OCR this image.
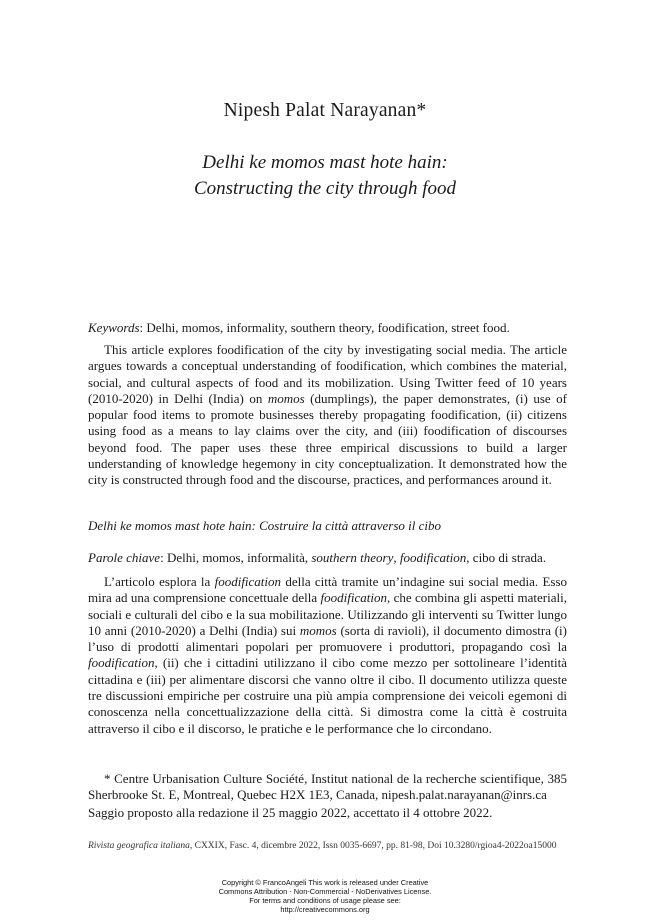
Nipesh Palat Narayanan*
Delhi ke momos mast hote hain:
Constructing the city through food
Keywords: Delhi, momos, informality, southern theory, foodification, street food.
This article explores foodification of the city by investigating social media. The article argues towards a conceptual understanding of foodification, which combines the material, social, and cultural aspects of food and its mobilization. Using Twitter feed of 10 years (2010-2020) in Delhi (India) on momos (dumplings), the paper demonstrates, (i) use of popular food items to promote businesses thereby propagating foodification, (ii) citizens using food as a means to lay claims over the city, and (iii) foodification of discourses beyond food. The paper uses these three empirical discussions to build a larger understanding of knowledge hegemony in city conceptualization. It demonstrated how the city is constructed through food and the discourse, practices, and performances around it.
Delhi ke momos mast hote hain: Costruire la città attraverso il cibo
Parole chiave: Delhi, momos, informalità, southern theory, foodification, cibo di strada.
L’articolo esplora la foodification della città tramite un’indagine sui social media. Esso mira ad una comprensione concettuale della foodification, che combina gli aspetti materiali, sociali e culturali del cibo e la sua mobilitazione. Utilizzando gli interventi su Twitter lungo 10 anni (2010-2020) a Delhi (India) sui momos (sorta di ravioli), il documento dimostra (i) l’uso di prodotti alimentari popolari per promuovere i produttori, propagando così la foodification, (ii) che i cittadini utilizzano il cibo come mezzo per sottolineare l’identità cittadina e (iii) per alimentare discorsi che vanno oltre il cibo. Il documento utilizza queste tre discussioni empiriche per costruire una più ampia comprensione dei veicoli egemoni di conoscenza nella concettualizzazione della città. Si dimostra come la città è costruita attraverso il cibo e il discorso, le pratiche e le performance che lo circondano.
* Centre Urbanisation Culture Société, Institut national de la recherche scientifique, 385 Sherbrooke St. E, Montreal, Quebec H2X 1E3, Canada, nipesh.palat.narayanan@inrs.ca
Saggio proposto alla redazione il 25 maggio 2022, accettato il 4 ottobre 2022.
Rivista geografica italiana, CXXIX, Fasc. 4, dicembre 2022, Issn 0035-6697, pp. 81-98, Doi 10.3280/rgioa4-2022oa15000
Copyright © FrancoAngeli This work is released under Creative
Commons Attribution - Non-Commercial - NoDerivatives License.
For terms and conditions of usage please see:
http://creativecommons.org
